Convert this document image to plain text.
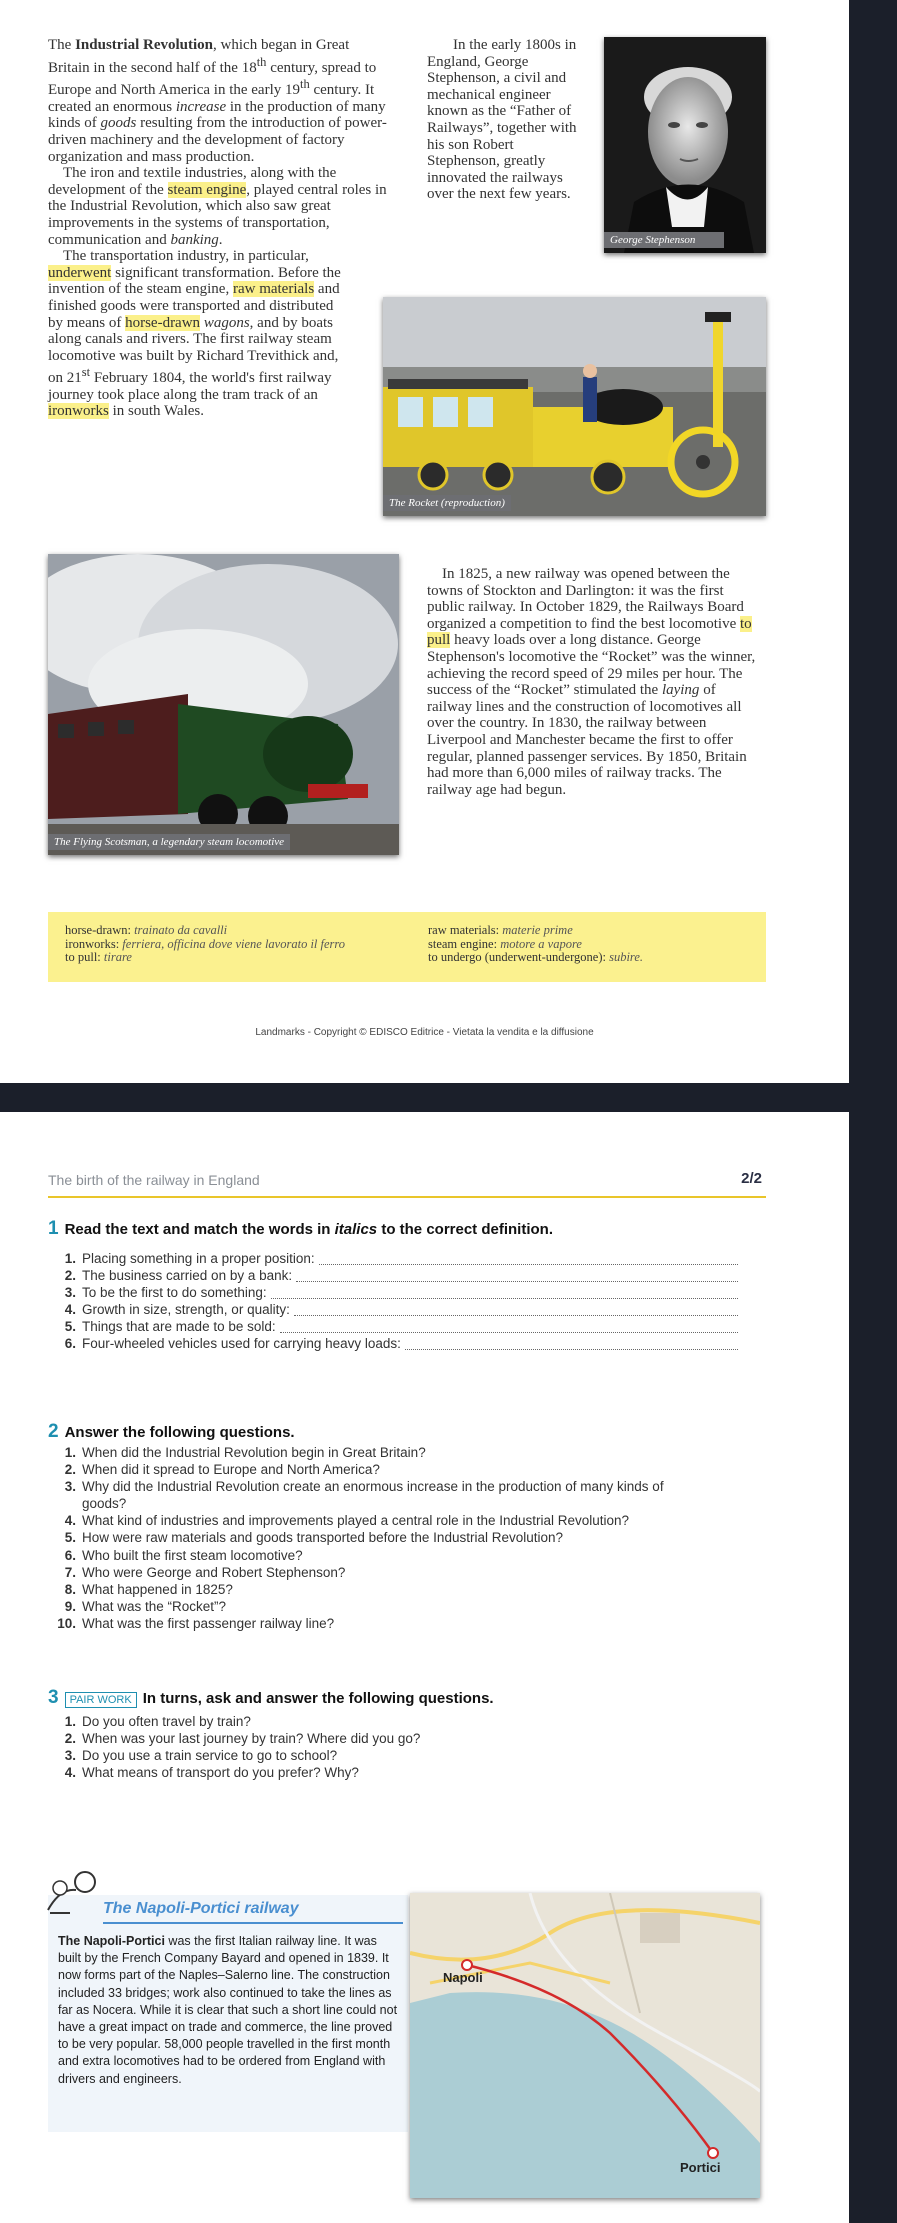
The Industrial Revolution, which began in Great Britain in the second half of the 18th century, spread to Europe and North America in the early 19th century. It created an enormous increase in the production of many kinds of goods resulting from the introduction of power-driven machinery and the development of factory organization and mass production.

The iron and textile industries, along with the development of the steam engine, played central roles in the Industrial Revolution, which also saw great improvements in the systems of transportation, communication and banking.

The transportation industry, in particular, underwent significant transformation. Before the invention of the steam engine, raw materials and finished goods were transported and distributed by means of horse-drawn wagons, and by boats along canals and rivers. The first railway steam locomotive was built by Richard Trevithick and, on 21st February 1804, the world's first railway journey took place along the tram track of an ironworks in south Wales.

In the early 1800s in England, George Stephenson, a civil and mechanical engineer known as the “Father of Railways”, together with his son Robert Stephenson, greatly innovated the railways over the next few years.

George Stephenson
The Rocket (reproduction)
The Flying Scotsman, a legendary steam locomotive

In 1825, a new railway was opened between the towns of Stockton and Darlington: it was the first public railway. In October 1829, the Railways Board organized a competition to find the best locomotive to pull heavy loads over a long distance. George Stephenson's locomotive the “Rocket” was the winner, achieving the record speed of 29 miles per hour. The success of the “Rocket” stimulated the laying of railway lines and the construction of locomotives all over the country. In 1830, the railway between Liverpool and Manchester became the first to offer regular, planned passenger services. By 1850, Britain had more than 6,000 miles of railway tracks. The railway age had begun.

horse-drawn: trainato da cavalli
ironworks: ferriera, officina dove viene lavorato il ferro
to pull: tirare
raw materials: materie prime
steam engine: motore a vapore
to undergo (underwent-undergone): subire.
Landmarks - Copyright © EDISCO Editrice - Vietata la vendita e la diffusione
The birth of the railway in England	2/2
1 Read the text and match the words in italics to the correct definition.
1. Placing something in a proper position:
2. The business carried on by a bank:
3. To be the first to do something:
4. Growth in size, strength, or quality:
5. Things that are made to be sold:
6. Four-wheeled vehicles used for carrying heavy loads:
2 Answer the following questions.
1. When did the Industrial Revolution begin in Great Britain?
2. When did it spread to Europe and North America?
3. Why did the Industrial Revolution create an enormous increase in the production of many kinds of
goods?
4. What kind of industries and improvements played a central role in the Industrial Revolution?
5. How were raw materials and goods transported before the Industrial Revolution?
6. Who built the first steam locomotive?
7. Who were George and Robert Stephenson?
8. What happened in 1825?
9. What was the “Rocket”?
10. What was the first passenger railway line?
3 PAIR WORK In turns, ask and answer the following questions.
1. Do you often travel by train?
2. When was your last journey by train? Where did you go?
3. Do you use a train service to go to school?
4. What means of transport do you prefer? Why?
The Napoli-Portici railway
The Napoli-Portici was the first Italian railway line. It was built by the French Company Bayard and opened in 1839. It now forms part of the Naples–Salerno line. The construction included 33 bridges; work also continued to take the lines as far as Nocera. While it is clear that such a short line could not have a great impact on trade and commerce, the line proved to be very popular. 58,000 people travelled in the first month and extra locomotives had to be ordered from England with drivers and engineers.
Napoli
Portici
